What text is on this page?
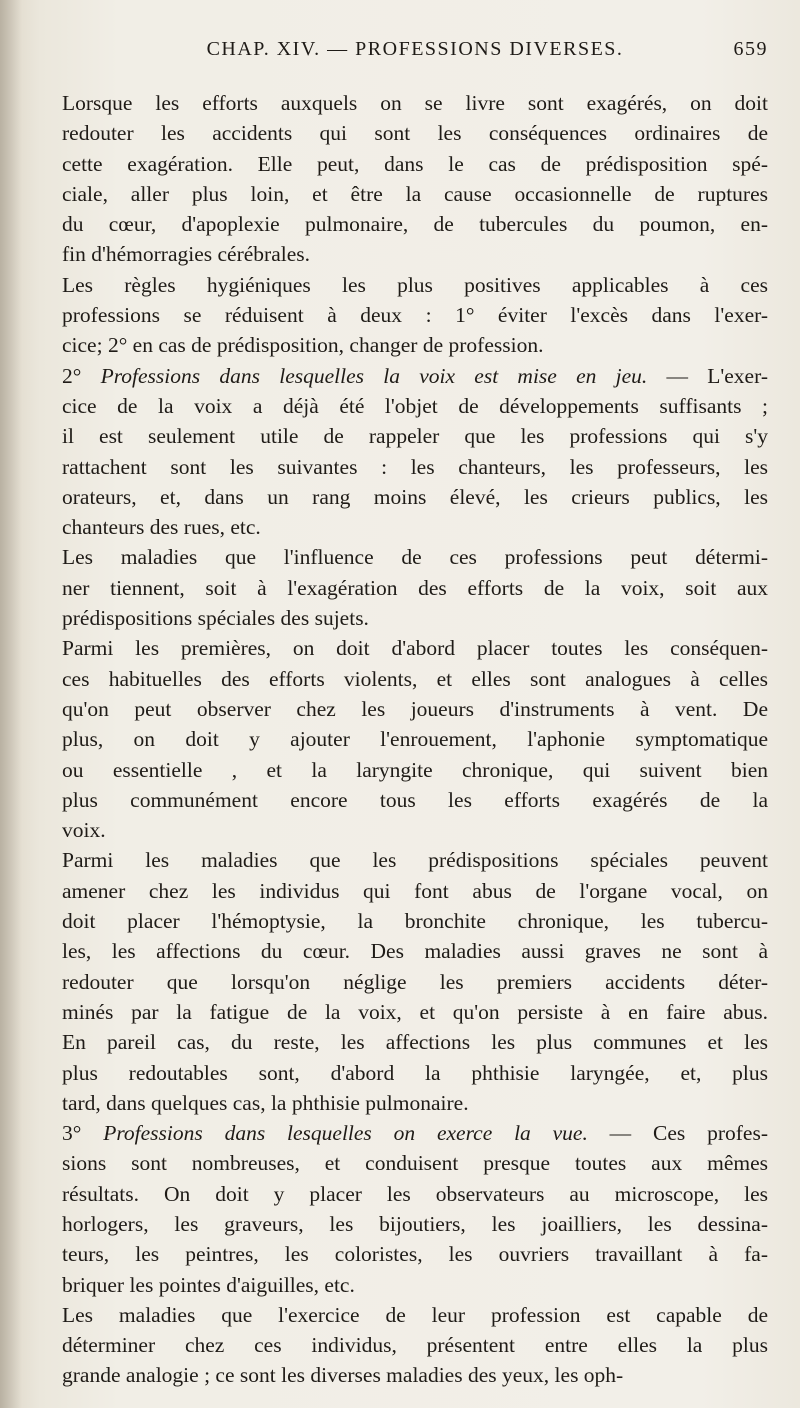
CHAP. XIV. — PROFESSIONS DIVERSES.	659
Lorsque les efforts auxquels on se livre sont exagérés, on doit
redouter les accidents qui sont les conséquences ordinaires de
cette exagération. Elle peut, dans le cas de prédisposition spé-
ciale, aller plus loin, et être la cause occasionnelle de ruptures
du cœur, d'apoplexie pulmonaire, de tubercules du poumon, en-
fin d'hémorragies cérébrales.
Les règles hygiéniques les plus positives applicables à ces
professions se réduisent à deux : 1° éviter l'excès dans l'exer-
cice; 2° en cas de prédisposition, changer de profession.
2° Professions dans lesquelles la voix est mise en jeu. — L'exer-
cice de la voix a déjà été l'objet de développements suffisants ;
il est seulement utile de rappeler que les professions qui s'y
rattachent sont les suivantes : les chanteurs, les professeurs, les
orateurs, et, dans un rang moins élevé, les crieurs publics, les
chanteurs des rues, etc.
Les maladies que l'influence de ces professions peut détermi-
ner tiennent, soit à l'exagération des efforts de la voix, soit aux
prédispositions spéciales des sujets.
Parmi les premières, on doit d'abord placer toutes les conséquen-
ces habituelles des efforts violents, et elles sont analogues à celles
qu'on peut observer chez les joueurs d'instruments à vent. De
plus, on doit y ajouter l'enrouement, l'aphonie symptomatique
ou essentielle , et la laryngite chronique, qui suivent bien
plus communément encore tous les efforts exagérés de la
voix.
Parmi les maladies que les prédispositions spéciales peuvent
amener chez les individus qui font abus de l'organe vocal, on
doit placer l'hémoptysie, la bronchite chronique, les tubercu-
les, les affections du cœur. Des maladies aussi graves ne sont à
redouter que lorsqu'on néglige les premiers accidents déter-
minés par la fatigue de la voix, et qu'on persiste à en faire abus.
En pareil cas, du reste, les affections les plus communes et les
plus redoutables sont, d'abord la phthisie laryngée, et, plus
tard, dans quelques cas, la phthisie pulmonaire.
3° Professions dans lesquelles on exerce la vue. — Ces profes-
sions sont nombreuses, et conduisent presque toutes aux mêmes
résultats. On doit y placer les observateurs au microscope, les
horlogers, les graveurs, les bijoutiers, les joailliers, les dessina-
teurs, les peintres, les coloristes, les ouvriers travaillant à fa-
briquer les pointes d'aiguilles, etc.
Les maladies que l'exercice de leur profession est capable de
déterminer chez ces individus, présentent entre elles la plus
grande analogie ; ce sont les diverses maladies des yeux, les oph-
